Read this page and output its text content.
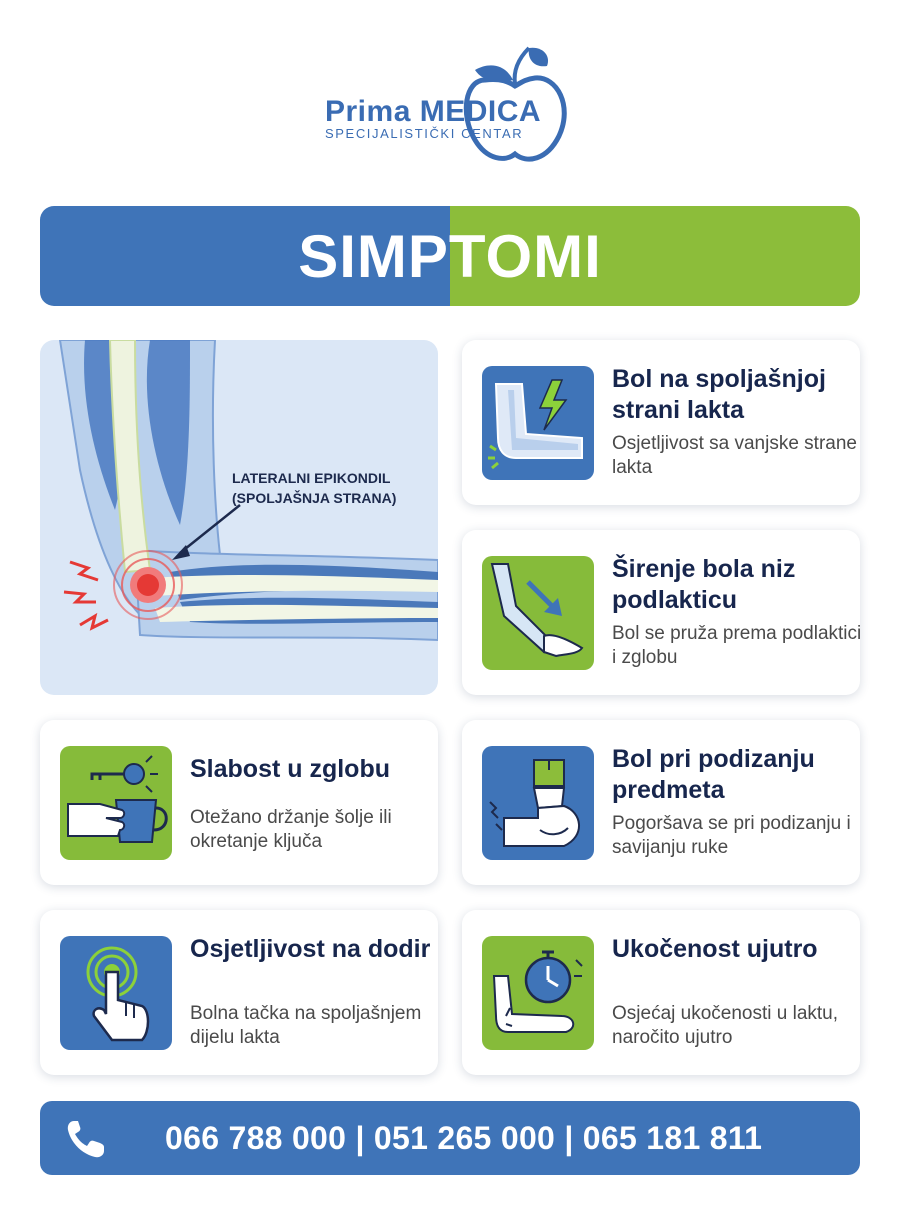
Prima MEDICA
SPECIJALISTIČKI CENTAR
SIMPTOMI
LATERALNI EPIKONDIL
(SPOLJAŠNJA STRANA)
Bol na spoljašnjoj strani lakta
Osjetljivost sa vanjske strane lakta
Širenje bola niz podlakticu
Bol se pruža prema podlaktici i zglobu
Slabost u zglobu
Otežano držanje šolje ili okretanje ključa
Bol pri podizanju predmeta
Pogoršava se pri podizanju i savijanju ruke
Osjetljivost na dodir
Bolna tačka na spoljašnjem dijelu lakta
Ukočenost ujutro
Osjećaj ukočenosti u laktu, naročito ujutro
066 788 000 | 051 265 000 | 065 181 811
